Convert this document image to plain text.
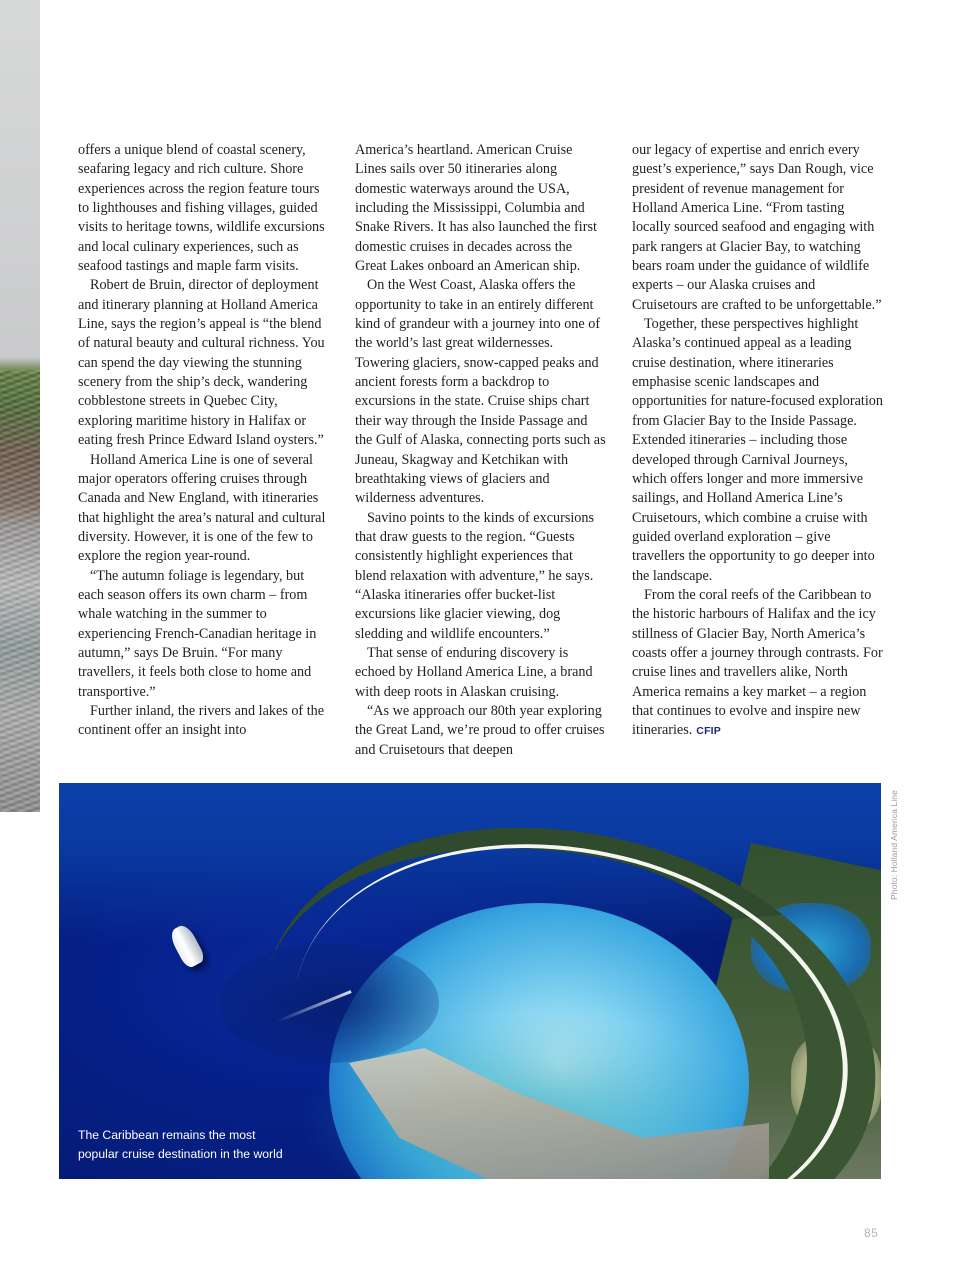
offers a unique blend of coastal scenery, seafaring legacy and rich culture. Shore experiences across the region feature tours to lighthouses and fishing villages, guided visits to heritage towns, wildlife excursions and local culinary experiences, such as seafood tastings and maple farm visits.

Robert de Bruin, director of deployment and itinerary planning at Holland America Line, says the region’s appeal is “the blend of natural beauty and cultural richness. You can spend the day viewing the stunning scenery from the ship’s deck, wandering cobblestone streets in Quebec City, exploring maritime history in Halifax or eating fresh Prince Edward Island oysters.”

Holland America Line is one of several major operators offering cruises through Canada and New England, with itineraries that highlight the area’s natural and cultural diversity. However, it is one of the few to explore the region year-round.

“The autumn foliage is legendary, but each season offers its own charm – from whale watching in the summer to experiencing French-Canadian heritage in autumn,” says De Bruin. “For many travellers, it feels both close to home and transportive.”

Further inland, the rivers and lakes of the continent offer an insight into

America’s heartland. American Cruise Lines sails over 50 itineraries along domestic waterways around the USA, including the Mississippi, Columbia and Snake Rivers. It has also launched the first domestic cruises in decades across the Great Lakes onboard an American ship.

On the West Coast, Alaska offers the opportunity to take in an entirely different kind of grandeur with a journey into one of the world’s last great wildernesses. Towering glaciers, snow-capped peaks and ancient forests form a backdrop to excursions in the state. Cruise ships chart their way through the Inside Passage and the Gulf of Alaska, connecting ports such as Juneau, Skagway and Ketchikan with breathtaking views of glaciers and wilderness adventures.

Savino points to the kinds of excursions that draw guests to the region. “Guests consistently highlight experiences that blend relaxation with adventure,” he says. “Alaska itineraries offer bucket-list excursions like glacier viewing, dog sledding and wildlife encounters.”

That sense of enduring discovery is echoed by Holland America Line, a brand with deep roots in Alaskan cruising.

“As we approach our 80th year exploring the Great Land, we’re proud to offer cruises and Cruisetours that deepen

our legacy of expertise and enrich every guest’s experience,” says Dan Rough, vice president of revenue management for Holland America Line. “From tasting locally sourced seafood and engaging with park rangers at Glacier Bay, to watching bears roam under the guidance of wildlife experts – our Alaska cruises and Cruisetours are crafted to be unforgettable.”

Together, these perspectives highlight Alaska’s continued appeal as a leading cruise destination, where itineraries emphasise scenic landscapes and opportunities for nature-focused exploration from Glacier Bay to the Inside Passage. Extended itineraries – including those developed through Carnival Journeys, which offers longer and more immersive sailings, and Holland America Line’s Cruisetours, which combine a cruise with guided overland exploration – give travellers the opportunity to go deeper into the landscape.

From the coral reefs of the Caribbean to the historic harbours of Halifax and the icy stillness of Glacier Bay, North America’s coasts offer a journey through contrasts. For cruise lines and travellers alike, North America remains a key market – a region that continues to evolve and inspire new itineraries. CFIP

The Caribbean remains the most
popular cruise destination in the world

Photo: Holland America Line
85
